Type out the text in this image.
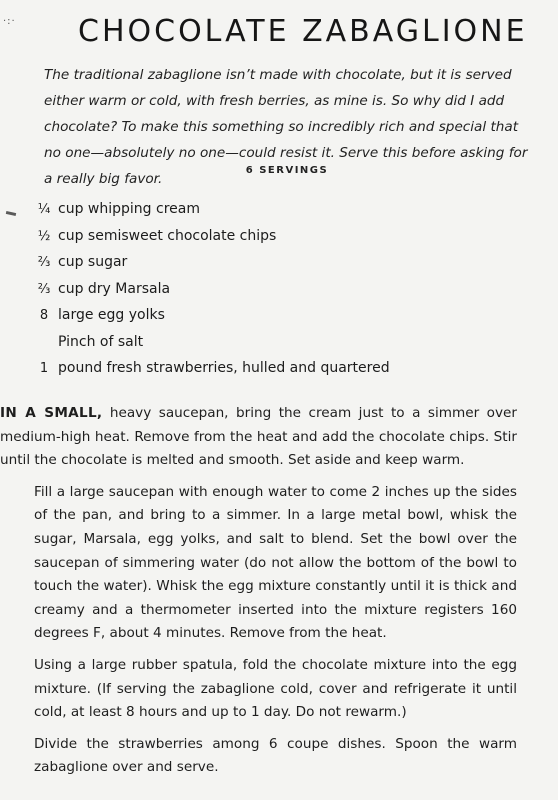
·:· CHOCOLATE ZABAGLIONE

The traditional zabaglione isn’t made with chocolate, but it is served either warm or cold, with fresh berries, as mine is. So why did I add chocolate? To make this something so incredibly rich and special that no one—absolutely no one—could resist it. Serve this before asking for a really big favor.

6 SERVINGS
¼ cup whipping cream
½ cup semisweet chocolate chips
⅔ cup sugar
⅔ cup dry Marsala
8 large egg yolks
Pinch of salt
1 pound fresh strawberries, hulled and quartered

IN A SMALL, heavy saucepan, bring the cream just to a simmer over medium-high heat. Remove from the heat and add the chocolate chips. Stir until the chocolate is melted and smooth. Set aside and keep warm.

Fill a large saucepan with enough water to come 2 inches up the sides of the pan, and bring to a simmer. In a large metal bowl, whisk the sugar, Marsala, egg yolks, and salt to blend. Set the bowl over the saucepan of simmering water (do not allow the bottom of the bowl to touch the water). Whisk the egg mixture constantly until it is thick and creamy and a thermometer inserted into the mixture registers 160 degrees F, about 4 minutes. Remove from the heat.

Using a large rubber spatula, fold the chocolate mixture into the egg mixture. (If serving the zabaglione cold, cover and refrigerate it until cold, at least 8 hours and up to 1 day. Do not rewarm.)

Divide the strawberries among 6 coupe dishes. Spoon the warm zabaglione over and serve.
